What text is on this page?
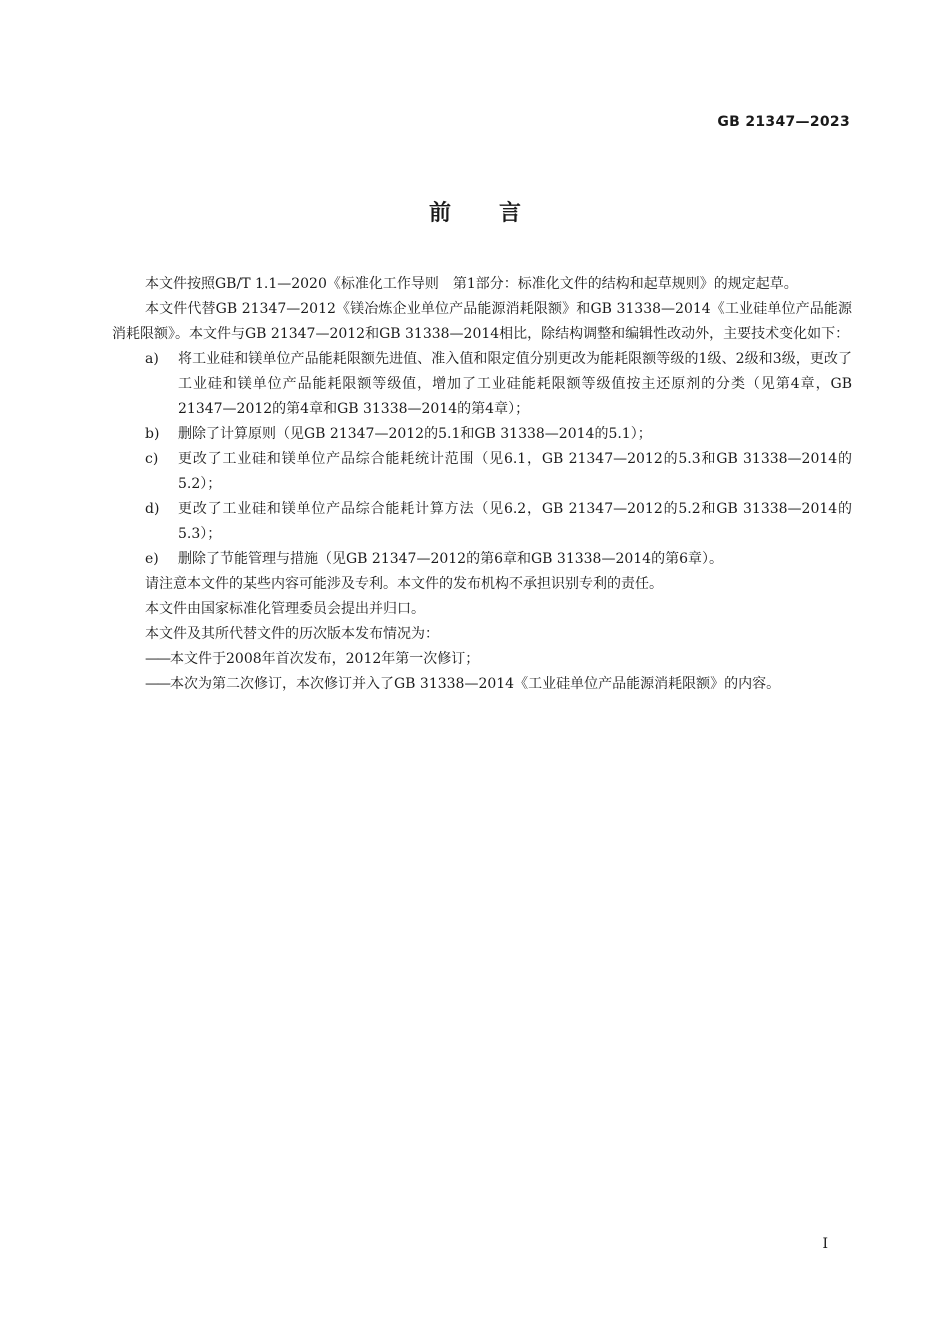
GB 21347—2023
前 言

本文件按照GB/T 1.1—2020《标准化工作导则　第1部分：标准化文件的结构和起草规则》的规定起草。

本文件代替GB 21347—2012《镁冶炼企业单位产品能源消耗限额》和GB 31338—2014《工业硅单位产品能源消耗限额》。本文件与GB 21347—2012和GB 31338—2014相比，除结构调整和编辑性改动外，主要技术变化如下：

a) 将工业硅和镁单位产品能耗限额先进值、准入值和限定值分别更改为能耗限额等级的1级、2级和3级，更改了工业硅和镁单位产品能耗限额等级值，增加了工业硅能耗限额等级值按主还原剂的分类（见第4章，GB 21347—2012的第4章和GB 31338—2014的第4章）；
b) 删除了计算原则（见GB 21347—2012的5.1和GB 31338—2014的5.1）；
c) 更改了工业硅和镁单位产品综合能耗统计范围（见6.1，GB 21347—2012的5.3和GB 31338—2014的5.2）；
d) 更改了工业硅和镁单位产品综合能耗计算方法（见6.2，GB 21347—2012的5.2和GB 31338—2014的5.3）；
e) 删除了节能管理与措施（见GB 21347—2012的第6章和GB 31338—2014的第6章）。

请注意本文件的某些内容可能涉及专利。本文件的发布机构不承担识别专利的责任。

本文件由国家标准化管理委员会提出并归口。

本文件及其所代替文件的历次版本发布情况为：

—— 本文件于2008年首次发布，2012年第一次修订；
—— 本次为第二次修订，本次修订并入了GB 31338—2014《工业硅单位产品能源消耗限额》的内容。
I
